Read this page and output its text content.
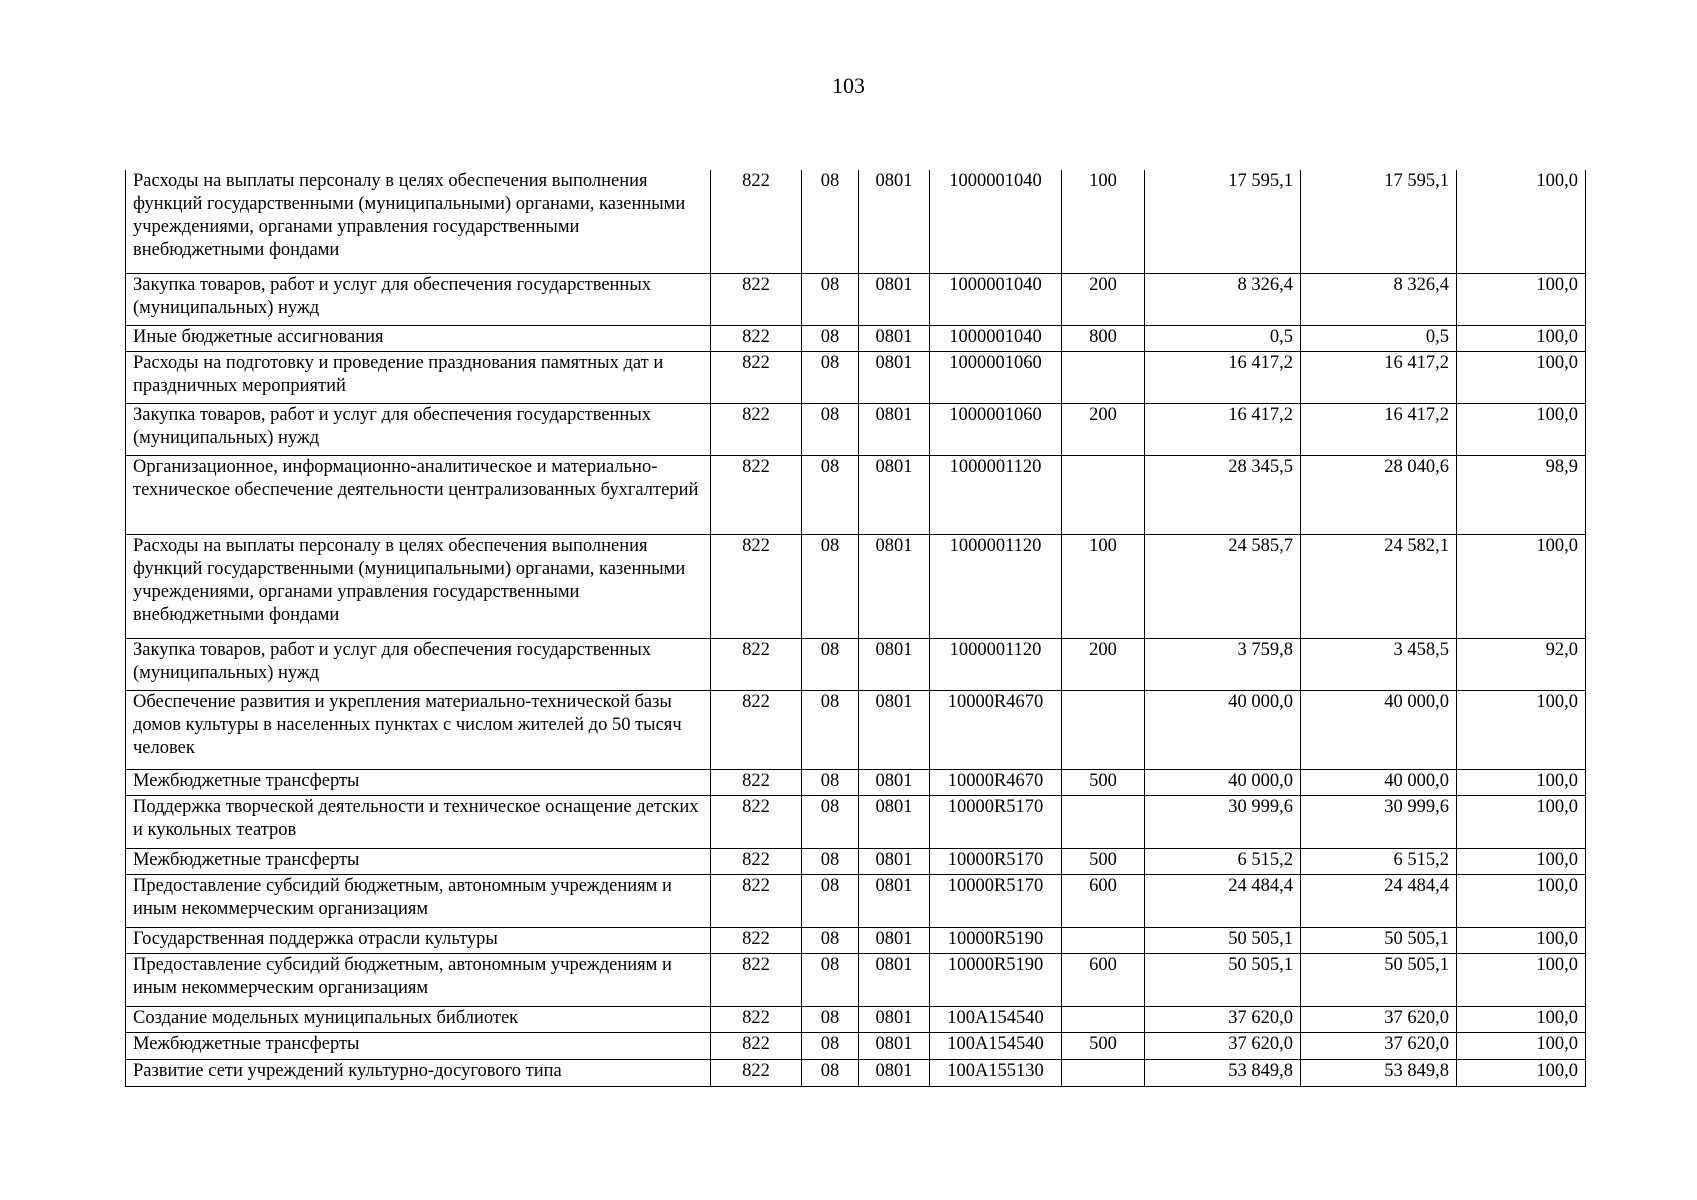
103
Расходы на выплаты персоналу в целях обеспечения выполнения функций государственными (муниципальными) органами, казенными учреждениями, органами управления государственными внебюджетными фондами	822	08	0801	1000001040	100	17 595,1	17 595,1	100,0
Закупка товаров, работ и услуг для обеспечения государственных (муниципальных) нужд	822	08	0801	1000001040	200	8 326,4	8 326,4	100,0
Иные бюджетные ассигнования	822	08	0801	1000001040	800	0,5	0,5	100,0
Расходы на подготовку и проведение празднования памятных дат и праздничных мероприятий	822	08	0801	1000001060		16 417,2	16 417,2	100,0
Закупка товаров, работ и услуг для обеспечения государственных (муниципальных) нужд	822	08	0801	1000001060	200	16 417,2	16 417,2	100,0
Организационное, информационно-аналитическое и материально-техническое обеспечение деятельности централизованных бухгалтерий	822	08	0801	1000001120		28 345,5	28 040,6	98,9
Расходы на выплаты персоналу в целях обеспечения выполнения функций государственными (муниципальными) органами, казенными учреждениями, органами управления государственными внебюджетными фондами	822	08	0801	1000001120	100	24 585,7	24 582,1	100,0
Закупка товаров, работ и услуг для обеспечения государственных (муниципальных) нужд	822	08	0801	1000001120	200	3 759,8	3 458,5	92,0
Обеспечение развития и укрепления материально-технической базы домов культуры в населенных пунктах с числом жителей до 50 тысяч человек	822	08	0801	10000R4670		40 000,0	40 000,0	100,0
Межбюджетные трансферты	822	08	0801	10000R4670	500	40 000,0	40 000,0	100,0
Поддержка творческой деятельности и техническое оснащение детских и кукольных театров	822	08	0801	10000R5170		30 999,6	30 999,6	100,0
Межбюджетные трансферты	822	08	0801	10000R5170	500	6 515,2	6 515,2	100,0
Предоставление субсидий бюджетным, автономным учреждениям и иным некоммерческим организациям	822	08	0801	10000R5170	600	24 484,4	24 484,4	100,0
Государственная поддержка отрасли культуры	822	08	0801	10000R5190		50 505,1	50 505,1	100,0
Предоставление субсидий бюджетным, автономным учреждениям и иным некоммерческим организациям	822	08	0801	10000R5190	600	50 505,1	50 505,1	100,0
Создание модельных муниципальных библиотек	822	08	0801	100A154540		37 620,0	37 620,0	100,0
Межбюджетные трансферты	822	08	0801	100A154540	500	37 620,0	37 620,0	100,0
Развитие сети учреждений культурно-досугового типа	822	08	0801	100A155130		53 849,8	53 849,8	100,0
